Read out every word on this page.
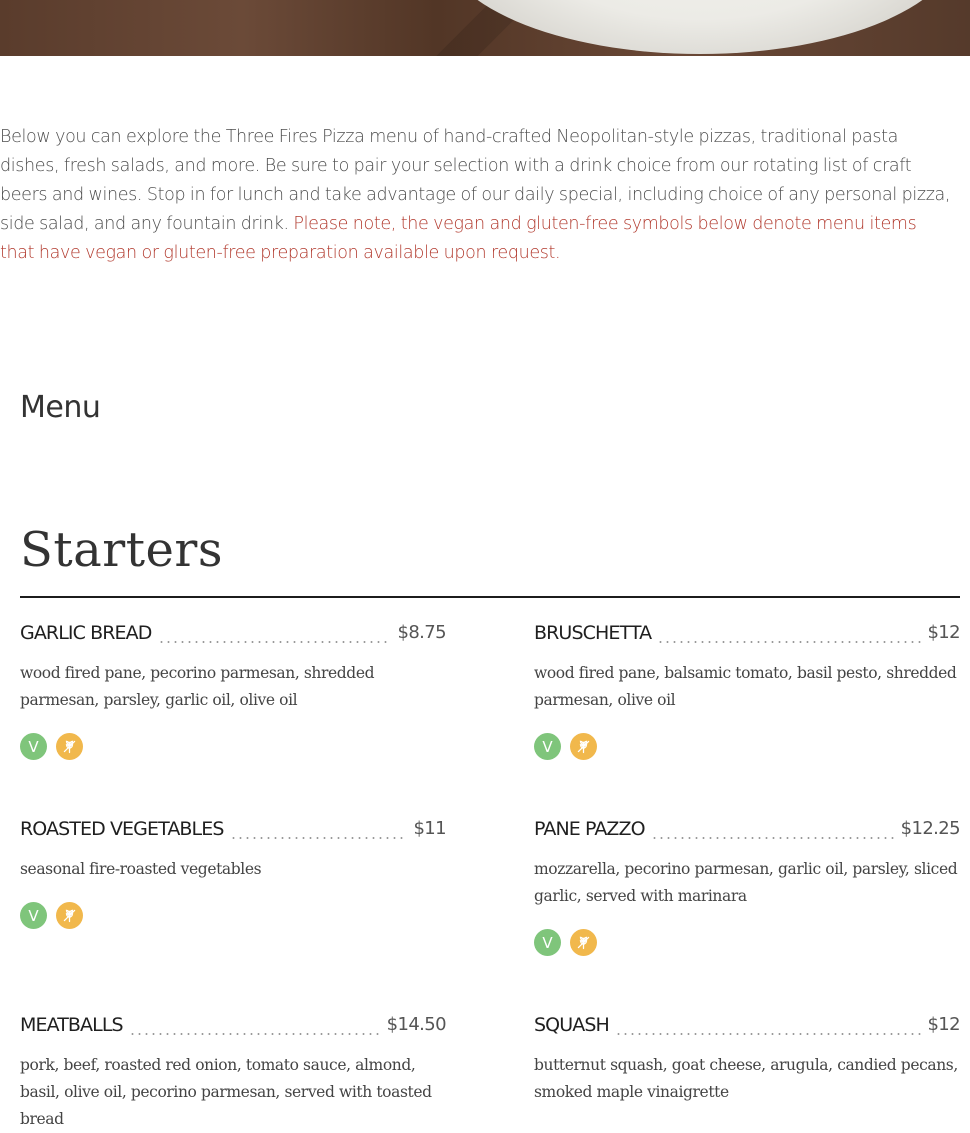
Below you can explore the Three Fires Pizza menu of hand-crafted Neopolitan-style pizzas, traditional pasta dishes, fresh salads, and more. Be sure to pair your selection with a drink choice from our rotating list of craft beers and wines. Stop in for lunch and take advantage of our daily special, including choice of any personal pizza, side salad, and any fountain drink. Please note, the vegan and gluten-free symbols below denote menu items that have vegan or gluten-free preparation available upon request.

Menu
Starters
GARLIC BREAD	$8.75
wood fired pane, pecorino parmesan, shredded parmesan, parsley, garlic oil, olive oil
V
BRUSCHETTA	$12
wood fired pane, balsamic tomato, basil pesto, shredded parmesan, olive oil
V
ROASTED VEGETABLES	$11
seasonal fire-roasted vegetables
V
PANE PAZZO	$12.25
mozzarella, pecorino parmesan, garlic oil, parsley, sliced garlic, served with marinara
V
MEATBALLS	$14.50
pork, beef, roasted red onion, tomato sauce, almond, basil, olive oil, pecorino parmesan, served with toasted bread
SQUASH	$12
butternut squash, goat cheese, arugula, candied pecans, smoked maple vinaigrette
